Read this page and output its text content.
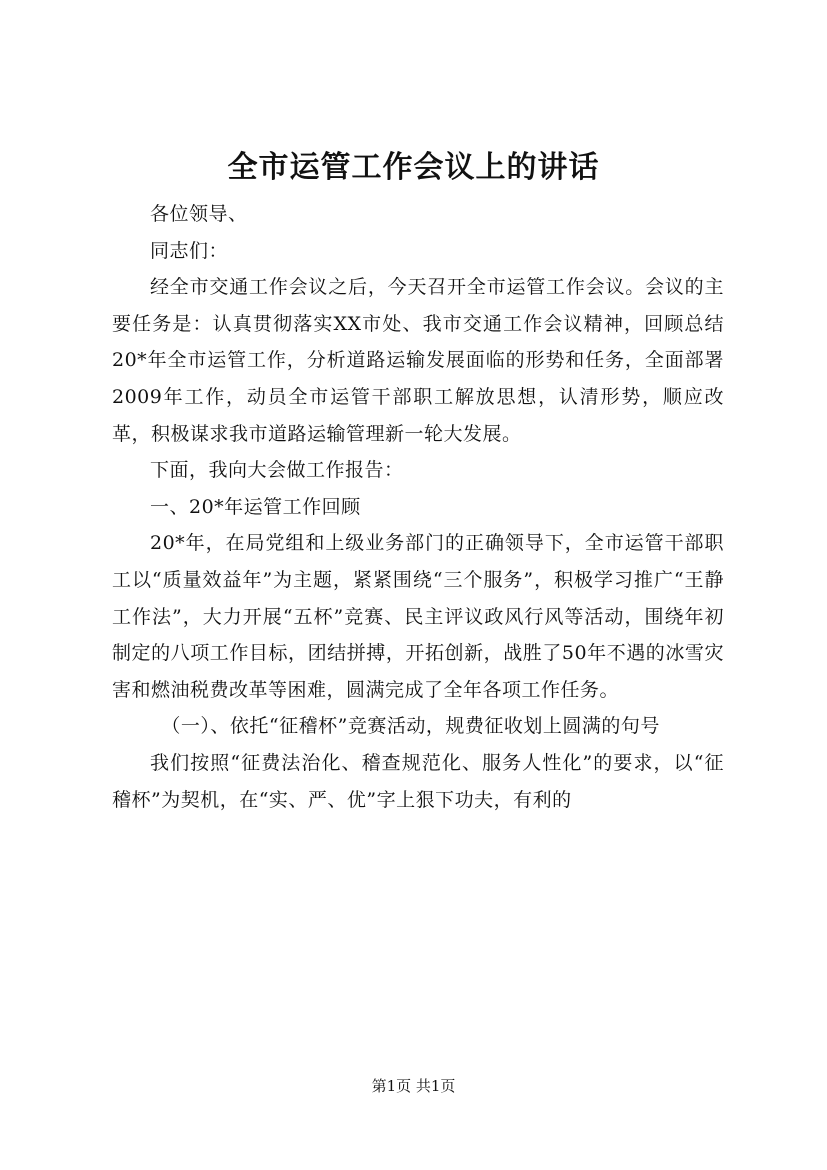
全市运管工作会议上的讲话

各位领导、

同志们：

经全市交通工作会议之后，今天召开全市运管工作会议。会议的主要任务是：认真贯彻落实XX市处、我市交通工作会议精神，回顾总结20*年全市运管工作，分析道路运输发展面临的形势和任务，全面部署2009年工作，动员全市运管干部职工解放思想，认清形势，顺应改革，积极谋求我市道路运输管理新一轮大发展。

下面，我向大会做工作报告：

一、20*年运管工作回顾

20*年，在局党组和上级业务部门的正确领导下，全市运管干部职工以“质量效益年”为主题，紧紧围绕“三个服务”，积极学习推广“王静工作法”，大力开展“五杯”竞赛、民主评议政风行风等活动，围绕年初制定的八项工作目标，团结拼搏，开拓创新，战胜了50年不遇的冰雪灾害和燃油税费改革等困难，圆满完成了全年各项工作任务。

（一）、依托“征稽杯”竞赛活动，规费征收划上圆满的句号

我们按照“征费法治化、稽查规范化、服务人性化”的要求，以“征稽杯”为契机，在“实、严、优”字上狠下功夫，有利的

第1页 共1页
